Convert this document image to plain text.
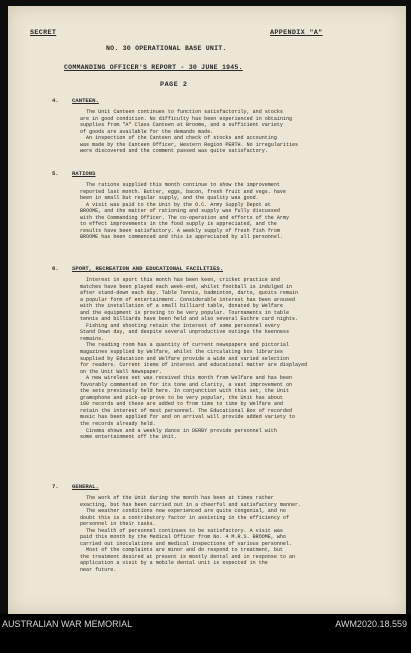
SECRET	APPENDIX "A"
NO. 30 OPERATIONAL BASE UNIT.
COMMANDING OFFICER'S REPORT - 30 JUNE 1945.
PAGE 2

4.

CANTEEN.

The Unit Canteen continues to function satisfactorily, and stocks
are in good condition. No difficulty has been experienced in obtaining
supplies from "A" Class Canteen at Broome, and a sufficient variety
of goods are available for the demands made.
An inspection of the Canteen and check of stocks and accounting
was made by the Canteen Officer, Western Region PERTH. No irregularities
were discovered and the comment passed was quite satisfactory.

5.

RATIONS

The rations supplied this month continue to show the improvement
reported last month. Butter, eggs, bacon, fresh fruit and vegs. have
been in small but regular supply, and the quality was good.
A visit was paid to the Unit by the O.C. Army Supply Depot at
BROOME, and the matter of rationing and supply was fully discussed
with the Commanding Officer. The co-operation and efforts of the Army
to effect improvements in the food supply is appreciated, and the
results have been satisfactory. A weekly supply of fresh fish from
BROOME has been commenced and this is appreciated by all personnel.

6.

SPORT, RECREATION AND EDUCATIONAL FACILITIES.

Interest in sport this month has been keen, cricket practice and
matches have been played each week-end, whilst football is indulged in
after stand-down each day. Table Tennis, badminton, darts, quoits remain
a popular form of entertainment. Considerable interest has been aroused
with the installation of a small billiard table, donated by Welfare
and the equipment is proving to be very popular. Tournaments in table
tennis and billiards have been held and also several Euchre card nights.
Fishing and shooting retain the interest of some personnel every
Stand Down day, and despite several unproductive outings the keenness
remains.
The reading room has a quantity of current newspapers and pictorial
magazines supplied by Welfare, whilst the circulating box libraries
supplied by Education and Welfare provide a wide and varied selection
for readers. Current items of interest and educational matter are displayed
on the Unit Wall Newspaper.
A new wireless set was received this month from Welfare and has been
favorably commented on for its tone and clarity, a vast improvement on
the sets previously held here. In conjunction with this set, the Unit
gramophone and pick-up prove to be very popular, the Unit has about
100 records and these are added to from time to time by Welfare and
retain the interest of most personnel. The Educational Box of recorded
music has been applied for and on arrival will provide added variety to
the records already held.
Cinema shows and a weekly dance in DERBY provide personnel with
some entertainment off the Unit.

7.

GENERAL.

The work of the Unit during the month has been at times rather
exacting, but has been carried out in a cheerful and satisfactory manner.
The weather conditions now experienced are quite congenial, and no
doubt this is a contributory factor in assisting in the efficiency of
personnel in their tasks.
The health of personnel continues to be satisfactory. A visit was
paid this month by the Medical Officer from No. 4 M.R.S. BROOME, who
carried out inoculations and medical inspections of various personnel.
Most of the complaints are minor and do respond to treatment, but
the treatment desired at present is mostly dental and in response to an
application a visit by a mobile dental unit is expected in the
near future.

AUSTRALIAN WAR MEMORIAL	AWM2020.18.559
